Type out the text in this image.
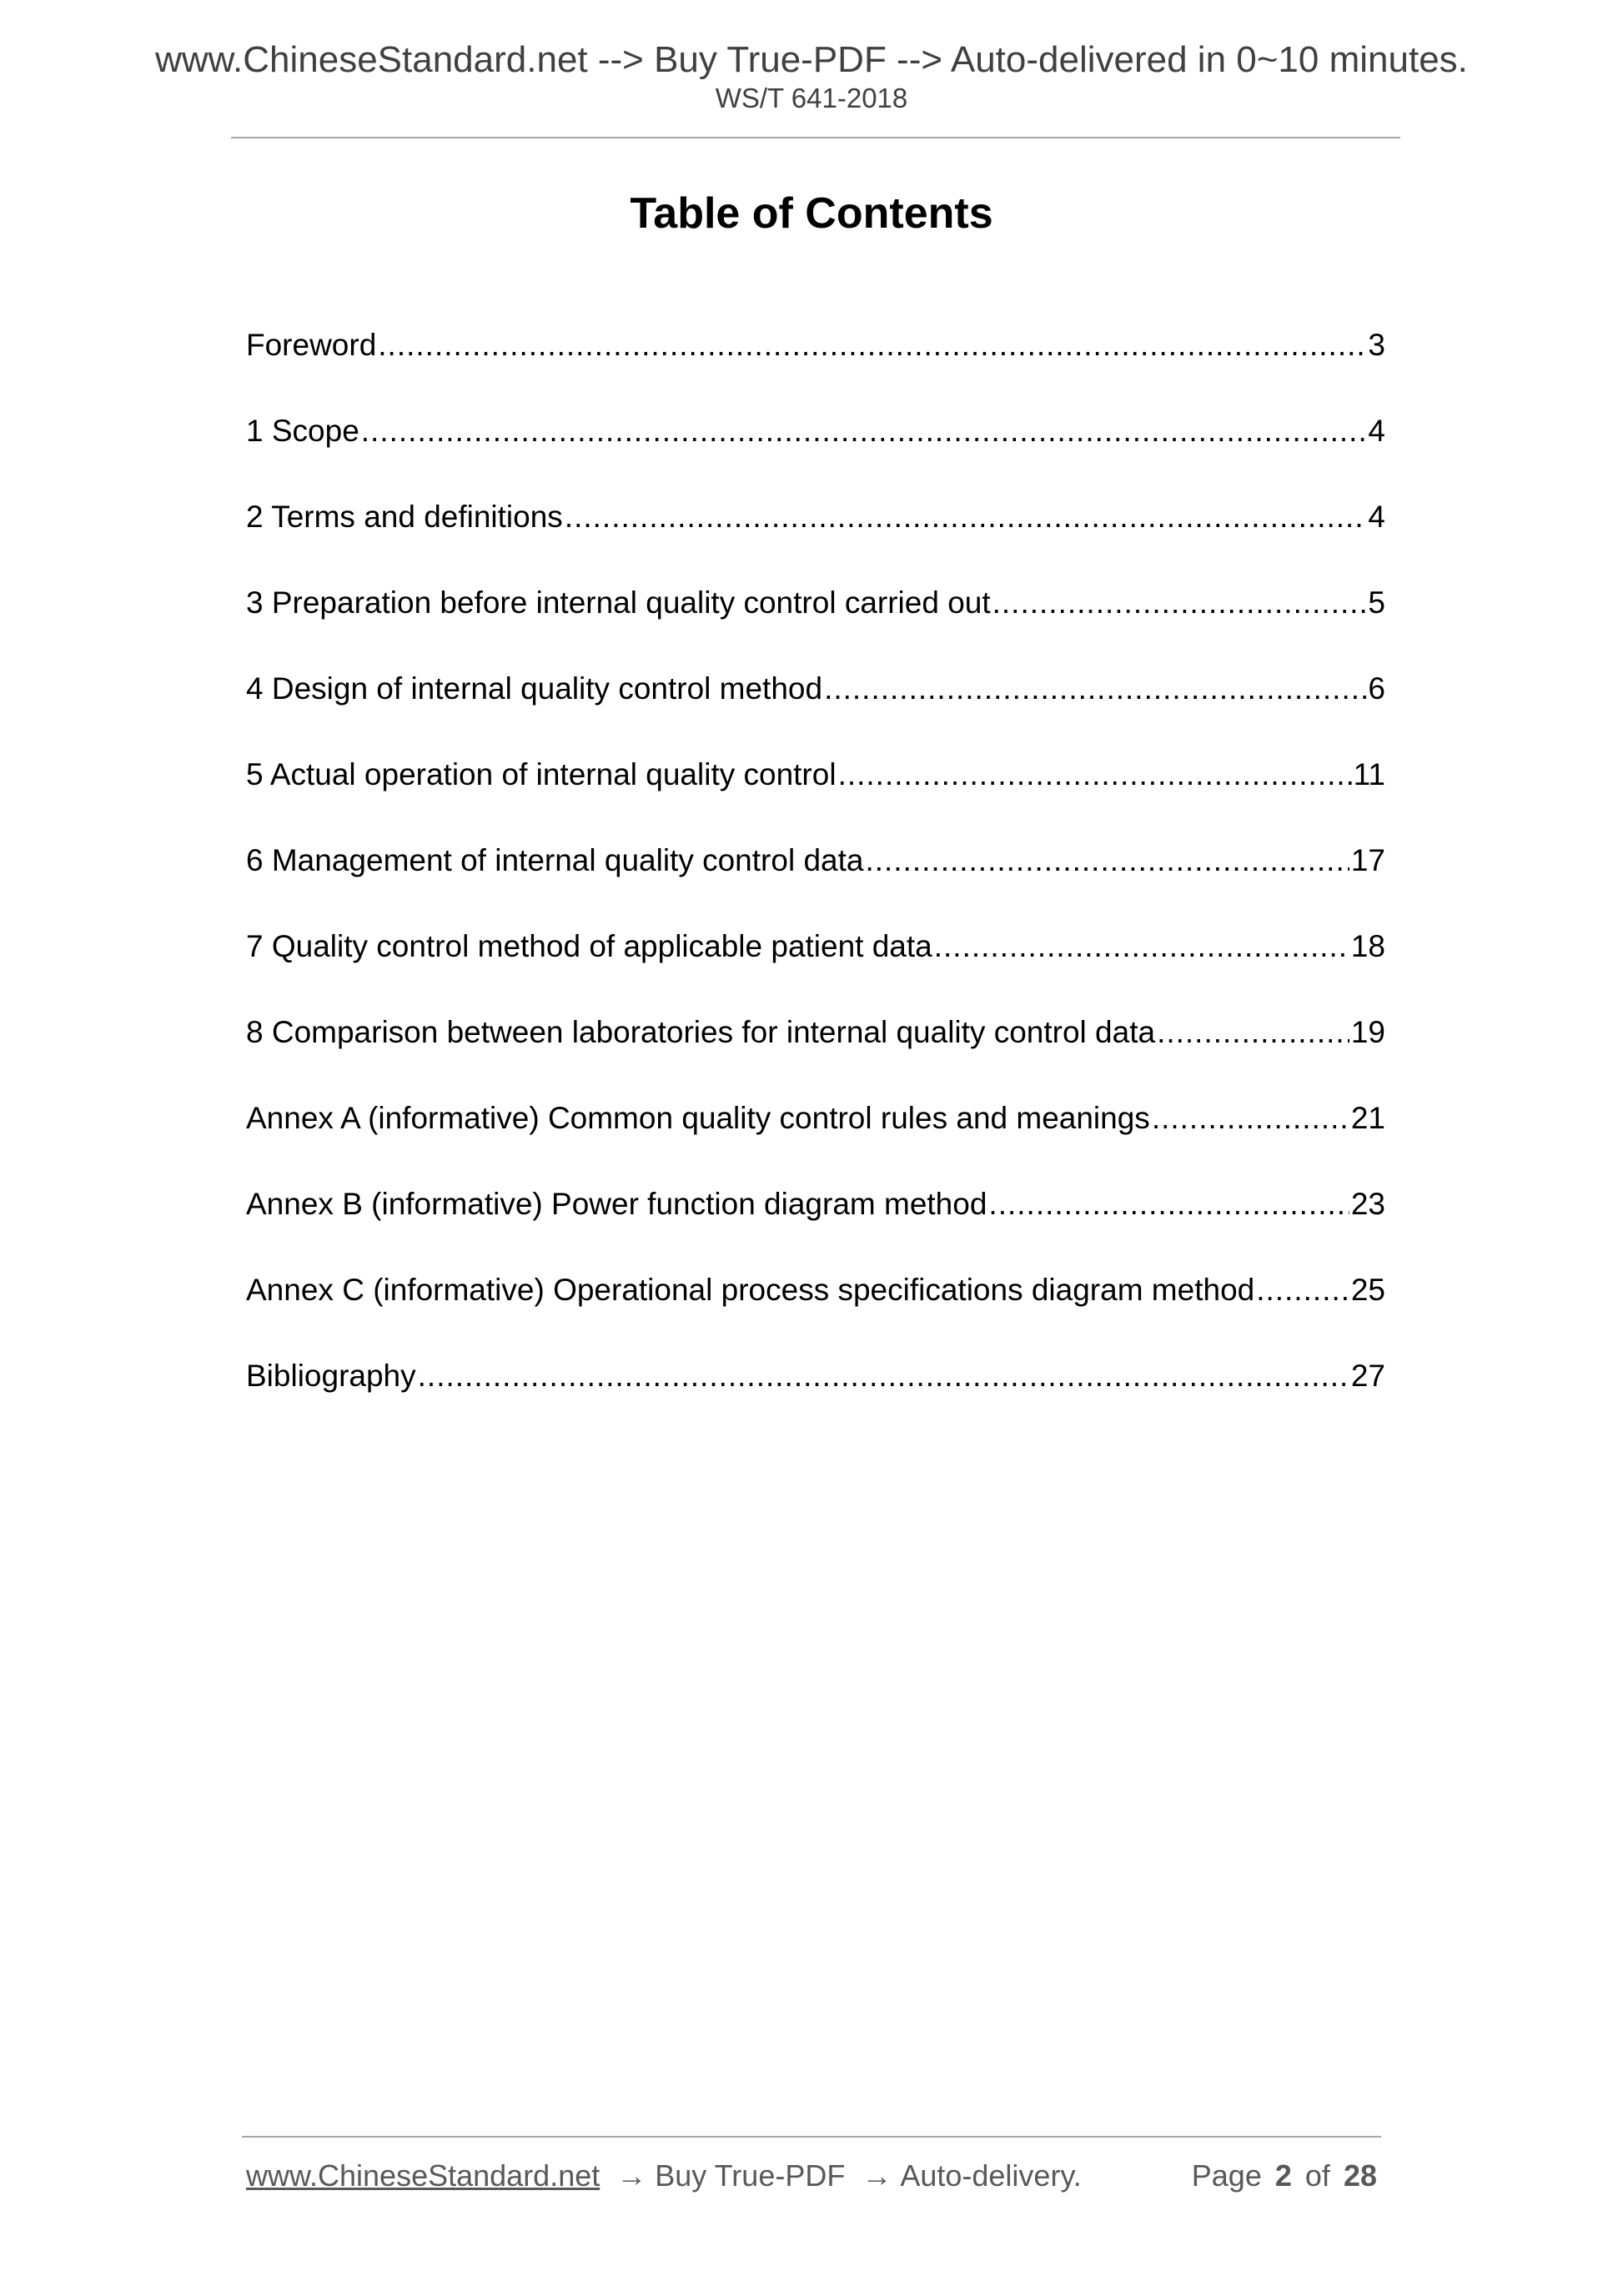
www.ChineseStandard.net --> Buy True-PDF --> Auto-delivered in 0~10 minutes.
WS/T 641-2018
Table of Contents
Foreword .....	3
1 Scope .....	4
2 Terms and definitions .....	4
3 Preparation before internal quality control carried out .....	5
4 Design of internal quality control method .....	6
5 Actual operation of internal quality control .....	11
6 Management of internal quality control data .....	17
7 Quality control method of applicable patient data .....	18
8 Comparison between laboratories for internal quality control data .....	19
Annex A (informative) Common quality control rules and meanings .....	21
Annex B (informative) Power function diagram method .....	23
Annex C (informative) Operational process specifications diagram method .....	25
Bibliography .....	27
www.ChineseStandard.net → Buy True-PDF → Auto-delivery.	Page 2 of 28
